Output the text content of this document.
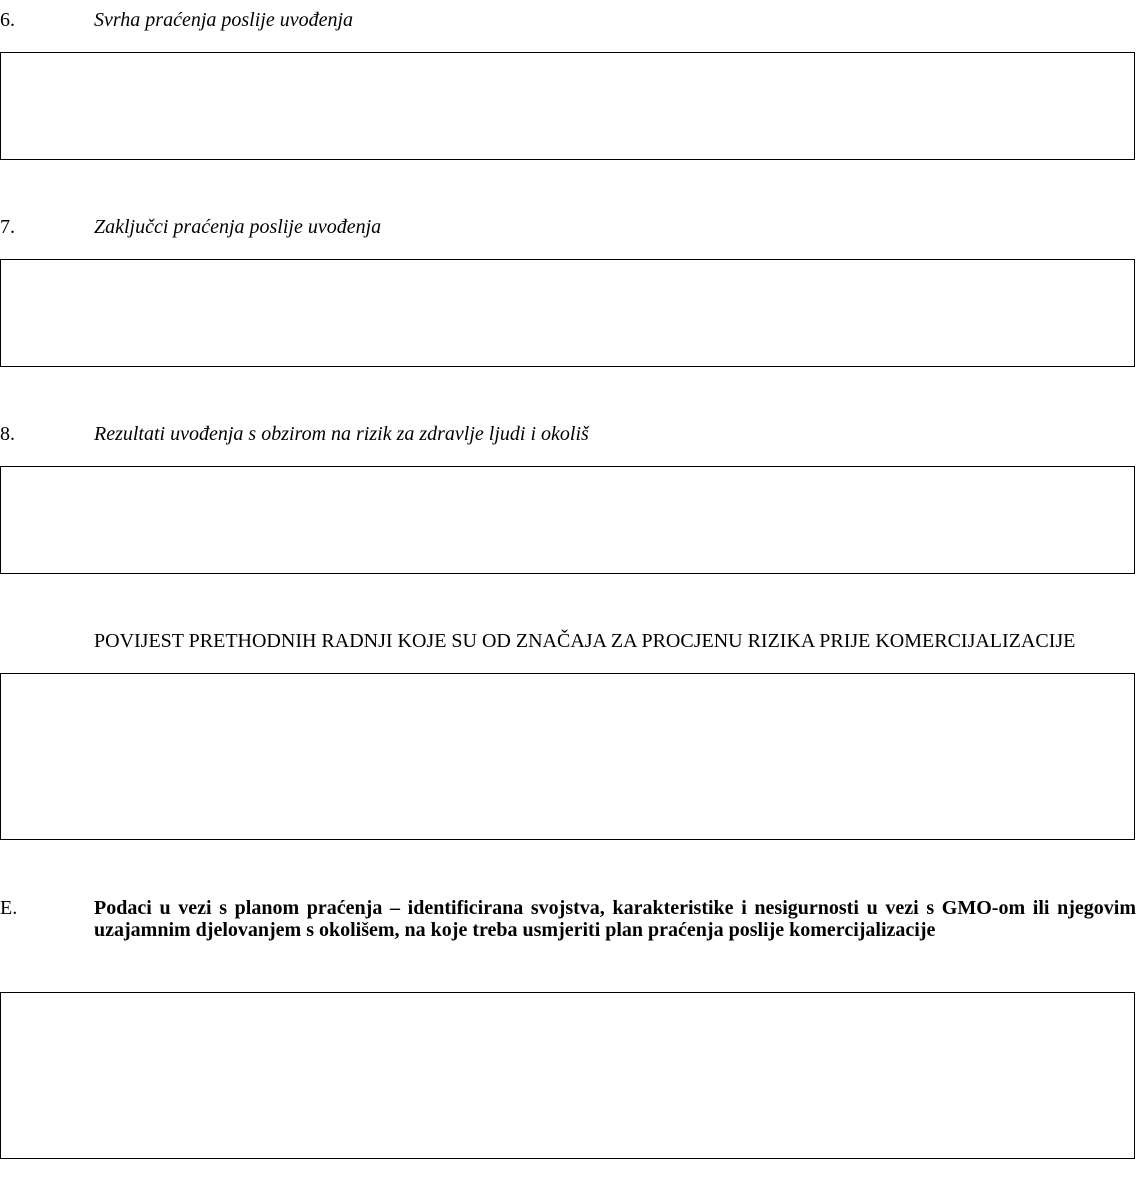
6.	Svrha praćenja poslije uvođenja
7.	Zaključci praćenja poslije uvođenja
8.	Rezultati uvođenja s obzirom na rizik za zdravlje ljudi i okoliš
POVIJEST PRETHODNIH RADNJI KOJE SU OD ZNAČAJA ZA PROCJENU RIZIKA PRIJE KOMERCIJALIZACIJE
E.	Podaci u vezi s planom praćenja – identificirana svojstva, karakteristike i nesigurnosti u vezi s GMO-om ili njegovim uzajamnim djelovanjem s okolišem, na koje treba usmjeriti plan praćenja poslije komercijalizacije
